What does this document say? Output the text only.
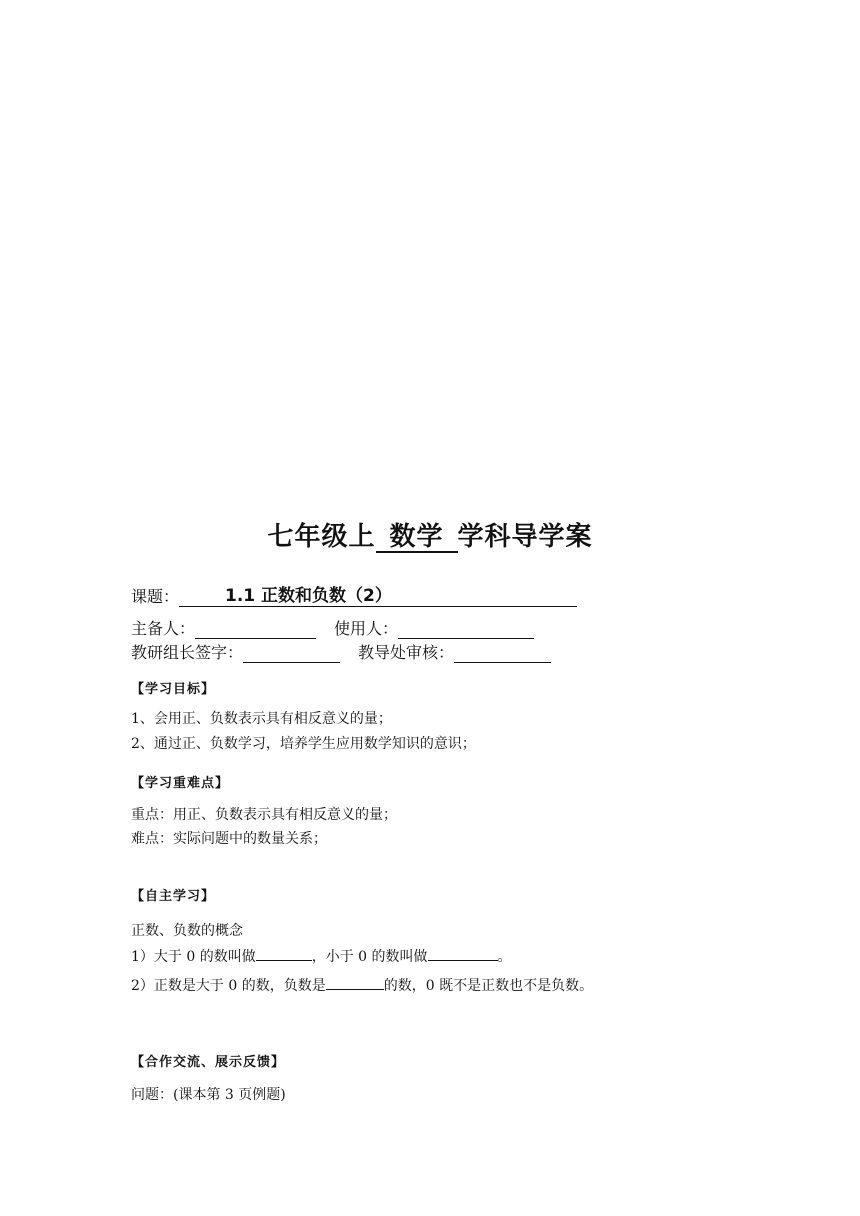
七年级上 数学 学科导学案
课题：	1.1 正数和负数（2）
主备人：	使用人：
教研组长签字：	教导处审核：
【学习目标】
1、会用正、负数表示具有相反意义的量；
2、通过正、负数学习，培养学生应用数学知识的意识；
【学习重难点】
重点：用正、负数表示具有相反意义的量；
难点：实际问题中的数量关系；
【自主学习】
正数、负数的概念
1）大于 0 的数叫做	，小于 0 的数叫做	。
2）正数是大于 0 的数，负数是	的数，0 既不是正数也不是负数。
【合作交流、展示反馈】
问题：(课本第 3 页例题)
